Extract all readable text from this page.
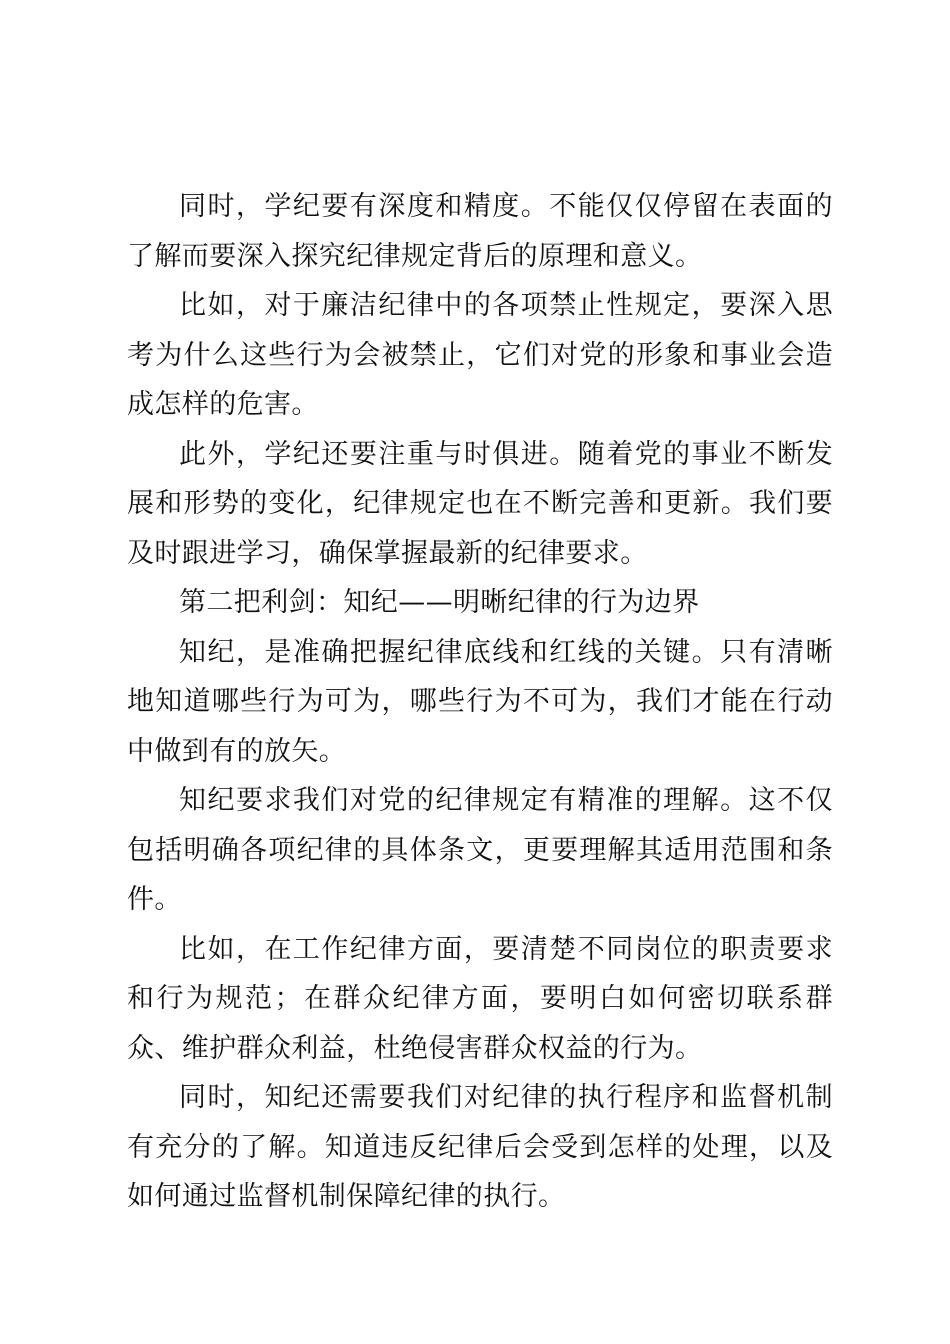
同时，学纪要有深度和精度。不能仅仅停留在表面的了解而要深入探究纪律规定背后的原理和意义。

比如，对于廉洁纪律中的各项禁止性规定，要深入思考为什么这些行为会被禁止，它们对党的形象和事业会造成怎样的危害。

此外，学纪还要注重与时俱进。随着党的事业不断发展和形势的变化，纪律规定也在不断完善和更新。我们要及时跟进学习，确保掌握最新的纪律要求。

第二把利剑：知纪——明晰纪律的行为边界

知纪，是准确把握纪律底线和红线的关键。只有清晰地知道哪些行为可为，哪些行为不可为，我们才能在行动中做到有的放矢。

知纪要求我们对党的纪律规定有精准的理解。这不仅包括明确各项纪律的具体条文，更要理解其适用范围和条件。

比如，在工作纪律方面，要清楚不同岗位的职责要求和行为规范；在群众纪律方面，要明白如何密切联系群众、维护群众利益，杜绝侵害群众权益的行为。

同时，知纪还需要我们对纪律的执行程序和监督机制有充分的了解。知道违反纪律后会受到怎样的处理，以及如何通过监督机制保障纪律的执行。
